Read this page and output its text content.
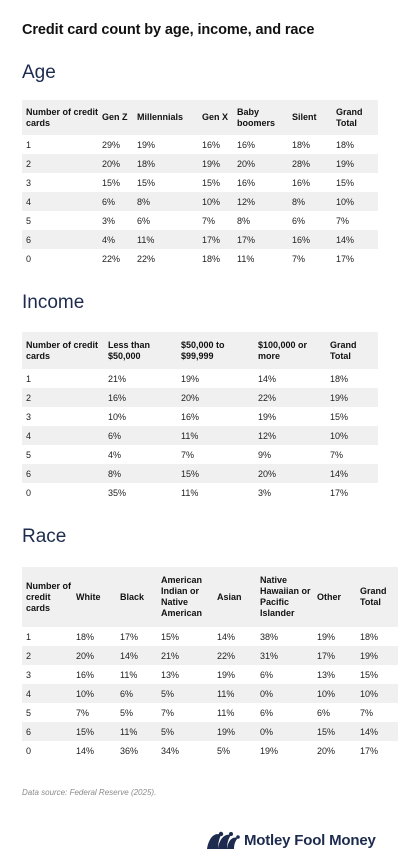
Credit card count by age, income, and race
Age
Number of credit cards	Gen Z	Millennials	Gen X	Baby boomers	Silent	Grand Total
1	29%	19%	16%	16%	18%	18%
2	20%	18%	19%	20%	28%	19%
3	15%	15%	15%	16%	16%	15%
4	6%	8%	10%	12%	8%	10%
5	3%	6%	7%	8%	6%	7%
6	4%	11%	17%	17%	16%	14%
0	22%	22%	18%	11%	7%	17%
Income
Number of credit cards	Less than $50,000	$50,000 to $99,999	$100,000 or more	Grand Total
1	21%	19%	14%	18%
2	16%	20%	22%	19%
3	10%	16%	19%	15%
4	6%	11%	12%	10%
5	4%	7%	9%	7%
6	8%	15%	20%	14%
0	35%	11%	3%	17%
Race
Number of credit cards	White	Black	American Indian or Native American	Asian	Native Hawaiian or Pacific Islander	Other	Grand Total
1	18%	17%	15%	14%	38%	19%	18%
2	20%	14%	21%	22%	31%	17%	19%
3	16%	11%	13%	19%	6%	13%	15%
4	10%	6%	5%	11%	0%	10%	10%
5	7%	5%	7%	11%	6%	6%	7%
6	15%	11%	5%	19%	0%	15%	14%
0	14%	36%	34%	5%	19%	20%	17%
Data source: Federal Reserve (2025).
Motley Fool Money
